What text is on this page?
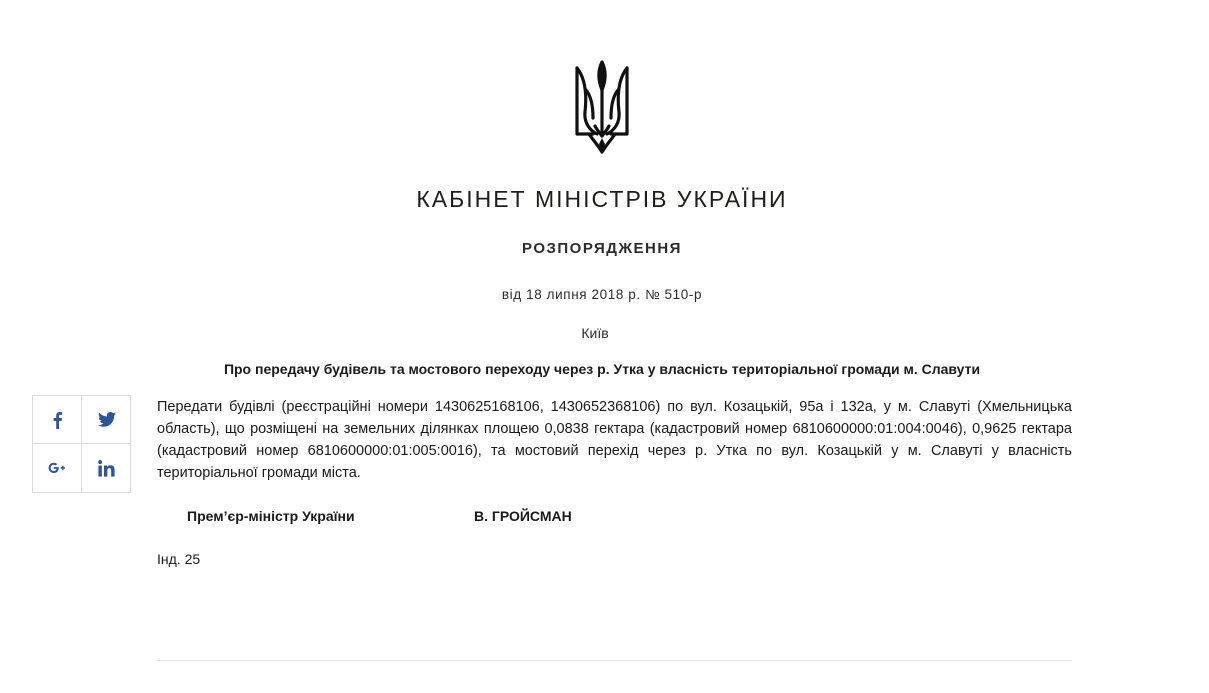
КАБІНЕТ МІНІСТРІВ УКРАЇНИ
РОЗПОРЯДЖЕННЯ
від 18 липня 2018 р. № 510-р
Київ
Про передачу будівель та мостового переходу через р. Утка у власність територіальної громади м. Славути
Передати будівлі (реєстраційні номери 1430625168106, 1430652368106) по вул. Козацькій, 95а і 132а, у м. Славуті (Хмельницька область), що розміщені на земельних ділянках площею 0,0838 гектара (кадастровий номер 6810600000:01:004:0046), 0,9625 гектара (кадастровий номер 6810600000:01:005:0016), та мостовий перехід через р. Утка по вул. Козацькій у м. Славуті у власність територіальної громади міста.
Прем’єр-міністр України	В. ГРОЙСМАН
Інд. 25
